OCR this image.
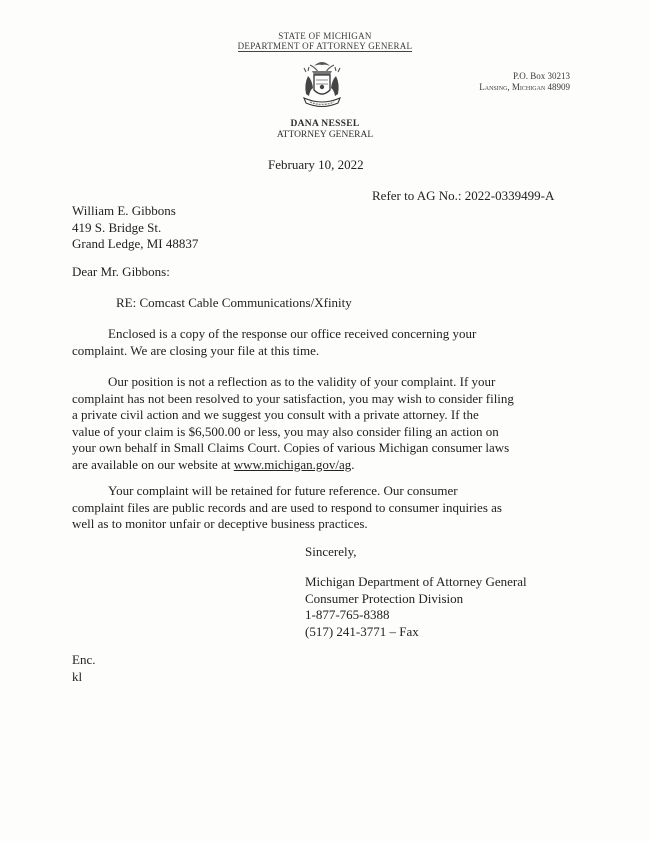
STATE OF MICHIGAN
DEPARTMENT OF ATTORNEY GENERAL
P.O. Box 30213
Lansing, Michigan 48909
DANA NESSEL
ATTORNEY GENERAL
February 10, 2022
Refer to AG No.: 2022-0339499-A
William E. Gibbons
419 S. Bridge St.
Grand Ledge, MI 48837
Dear Mr. Gibbons:
RE: Comcast Cable Communications/Xfinity
Enclosed is a copy of the response our office received concerning your
complaint. We are closing your file at this time.
Our position is not a reflection as to the validity of your complaint. If your
complaint has not been resolved to your satisfaction, you may wish to consider filing
a private civil action and we suggest you consult with a private attorney. If the
value of your claim is $6,500.00 or less, you may also consider filing an action on
your own behalf in Small Claims Court. Copies of various Michigan consumer laws
are available on our website at www.michigan.gov/ag.
Your complaint will be retained for future reference. Our consumer
complaint files are public records and are used to respond to consumer inquiries as
well as to monitor unfair or deceptive business practices.
Sincerely,
Michigan Department of Attorney General
Consumer Protection Division
1-877-765-8388
(517) 241-3771 – Fax
Enc.
kl
